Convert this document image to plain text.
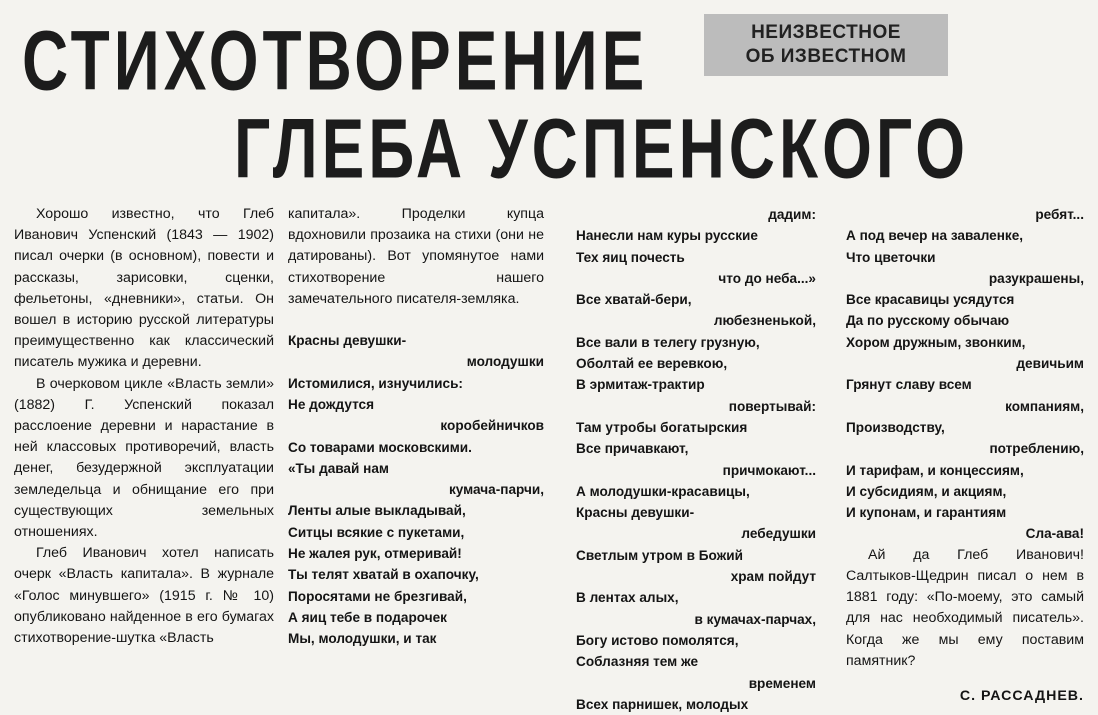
СТИХОТВОРЕНИЕ
ГЛЕБА УСПЕНСКОГО
НЕИЗВЕСТНОЕ
ОБ ИЗВЕСТНОМ

Хорошо известно, что Глеб Иванович Успенский (1843 — 1902) писал очерки (в основном), повести и рассказы, зарисовки, сценки, фельетоны, «дневники», статьи. Он вошел в историю русской литературы преимущественно как классический писатель мужика и деревни.

В очерковом цикле «Власть земли» (1882) Г. Успенский показал расслоение деревни и нарастание в ней классовых противоречий, власть денег, безудержной эксплуатации земледельца и обнищание его при существующих земельных отношениях.

Глеб Иванович хотел написать очерк «Власть капитала». В журнале «Голос минувшего» (1915 г. № 10) опубликовано найденное в его бумагах стихотворение-шутка «Власть

капитала». Проделки купца вдохновили прозаика на стихи (они не датированы). Вот упомянутое нами стихотворение нашего замечательного писателя-земляка.

Красны девушки-
молодушки
Истомилися, изнучились:
Не дождутся
коробейничков
Со товарами московскими.
«Ты давай нам
кумача-парчи,
Ленты алые выкладывай,
Ситцы всякие с пукетами,
Не жалея рук, отмеривай!
Ты телят хватай в охапочку,
Поросятами не брезгивай,
А яиц тебе в подарочек
Мы, молодушки, и так
дадим:
Нанесли нам куры русские
Тех яиц почесть
что до неба...»
Все хватай-бери,
любезненькой,
Все вали в телегу грузную,
Оболтай ее веревкою,
В эрмитаж-трактир
повертывай:
Там утробы богатырския
Все причавкают,
причмокают...
А молодушки-красавицы,
Красны девушки-
лебедушки
Светлым утром в Божий
храм пойдут
В лентах алых,
в кумачах-парчах,
Богу истово помолятся,
Соблазняя тем же
временем
Всех парнишек, молодых
ребят...
А под вечер на заваленке,
Что цветочки
разукрашены,
Все красавицы усядутся
Да по русскому обычаю
Хором дружным, звонким,
девичьим
Грянут славу всем
компаниям,
Производству,
потреблению,
И тарифам, и концессиям,
И субсидиям, и акциям,
И купонам, и гарантиям
Сла-ава!

Ай да Глеб Иванович! Салтыков-Щедрин писал о нем в 1881 году: «По-моему, это самый для нас необходимый писатель». Когда же мы ему поставим памятник?

С. РАССАДНЕВ.
